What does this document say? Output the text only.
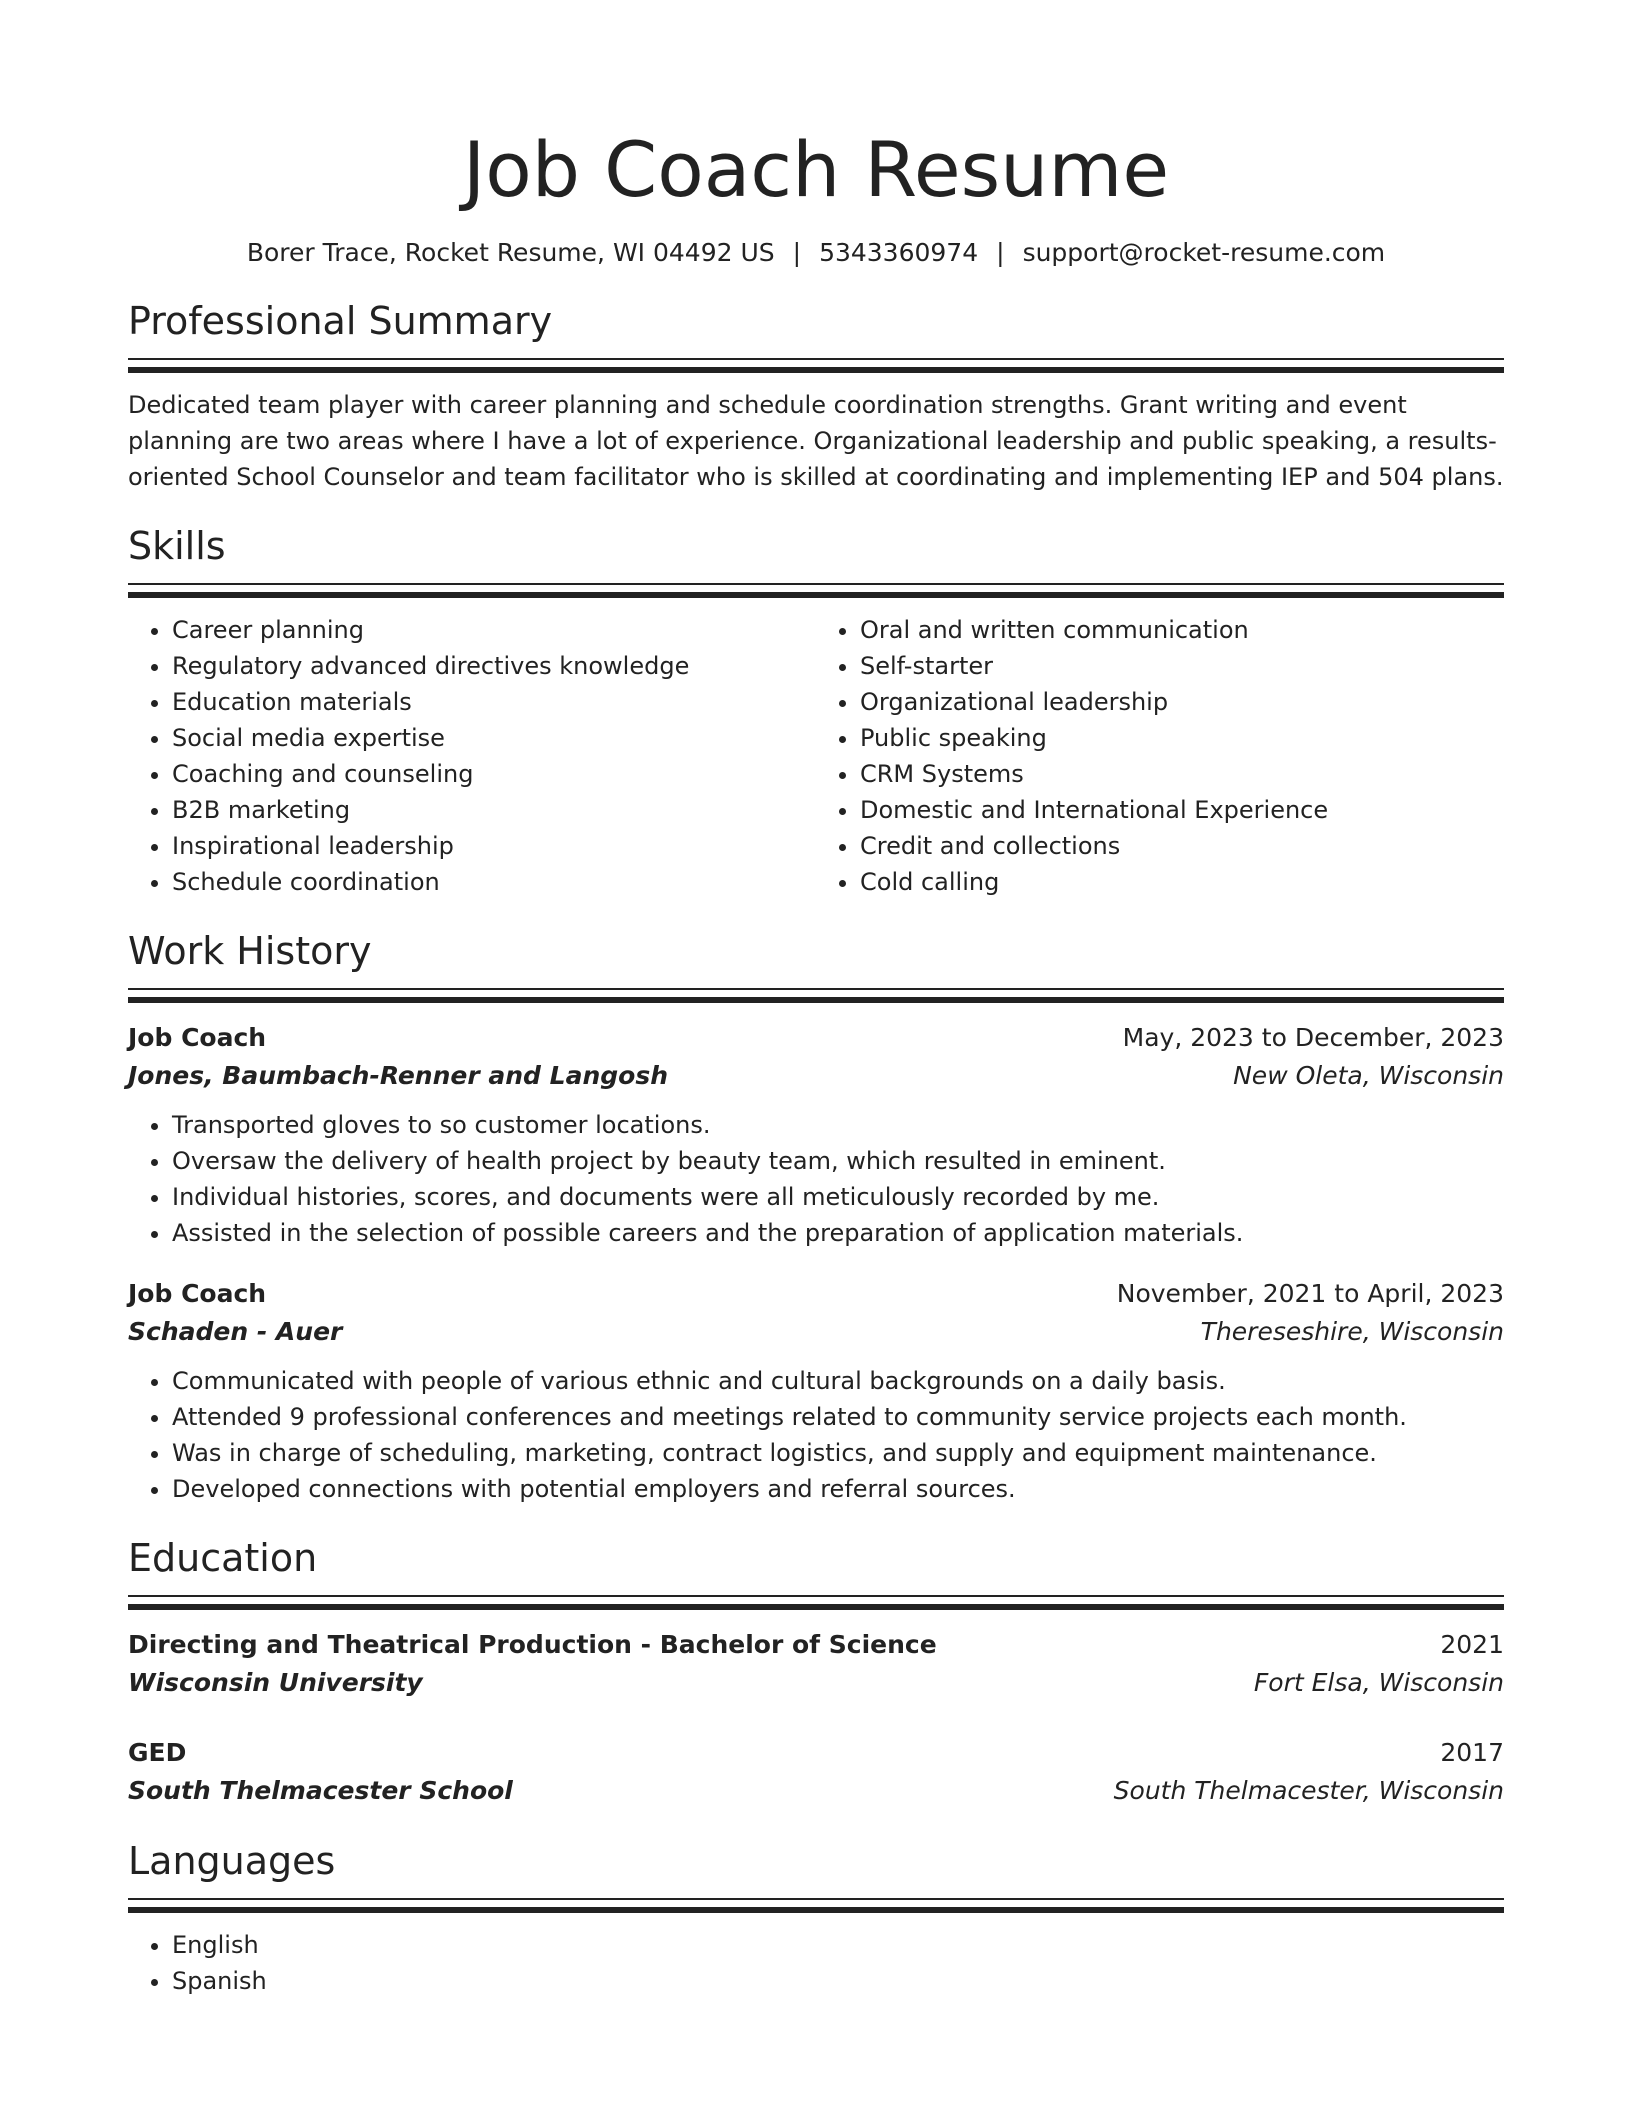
Job Coach Resume
Borer Trace, Rocket Resume, WI 04492 US | 5343360974 | support@rocket-resume.com
Professional Summary
Dedicated team player with career planning and schedule coordination strengths. Grant writing and event planning are two areas where I have a lot of experience. Organizational leadership and public speaking, a results-oriented School Counselor and team facilitator who is skilled at coordinating and implementing IEP and 504 plans.
Skills
• Career planning
• Regulatory advanced directives knowledge
• Education materials
• Social media expertise
• Coaching and counseling
• B2B marketing
• Inspirational leadership
• Schedule coordination
• Oral and written communication
• Self-starter
• Organizational leadership
• Public speaking
• CRM Systems
• Domestic and International Experience
• Credit and collections
• Cold calling
Work History
Job Coach	May, 2023 to December, 2023
Jones, Baumbach-Renner and Langosh	New Oleta, Wisconsin
• Transported gloves to so customer locations.
• Oversaw the delivery of health project by beauty team, which resulted in eminent.
• Individual histories, scores, and documents were all meticulously recorded by me.
• Assisted in the selection of possible careers and the preparation of application materials.
Job Coach	November, 2021 to April, 2023
Schaden - Auer	Thereseshire, Wisconsin
• Communicated with people of various ethnic and cultural backgrounds on a daily basis.
• Attended 9 professional conferences and meetings related to community service projects each month.
• Was in charge of scheduling, marketing, contract logistics, and supply and equipment maintenance.
• Developed connections with potential employers and referral sources.
Education
Directing and Theatrical Production - Bachelor of Science	2021
Wisconsin University	Fort Elsa, Wisconsin
GED	2017
South Thelmacester School	South Thelmacester, Wisconsin
Languages
• English
• Spanish
